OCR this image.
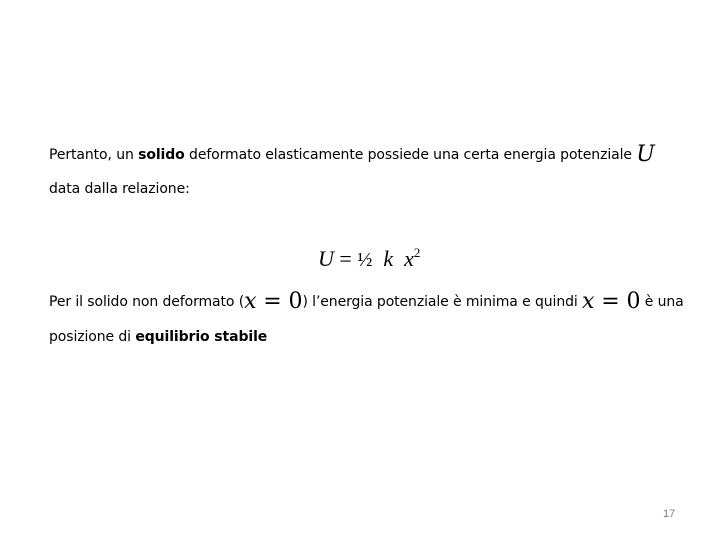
Pertanto, un solido deformato elasticamente possiede una certa energia potenziale U
data dalla relazione:
U = ½ k $x^2$
Per il solido non deformato (x = 0) l’energia potenziale è minima e quindi x = 0 è una
posizione di equilibrio stabile
17
